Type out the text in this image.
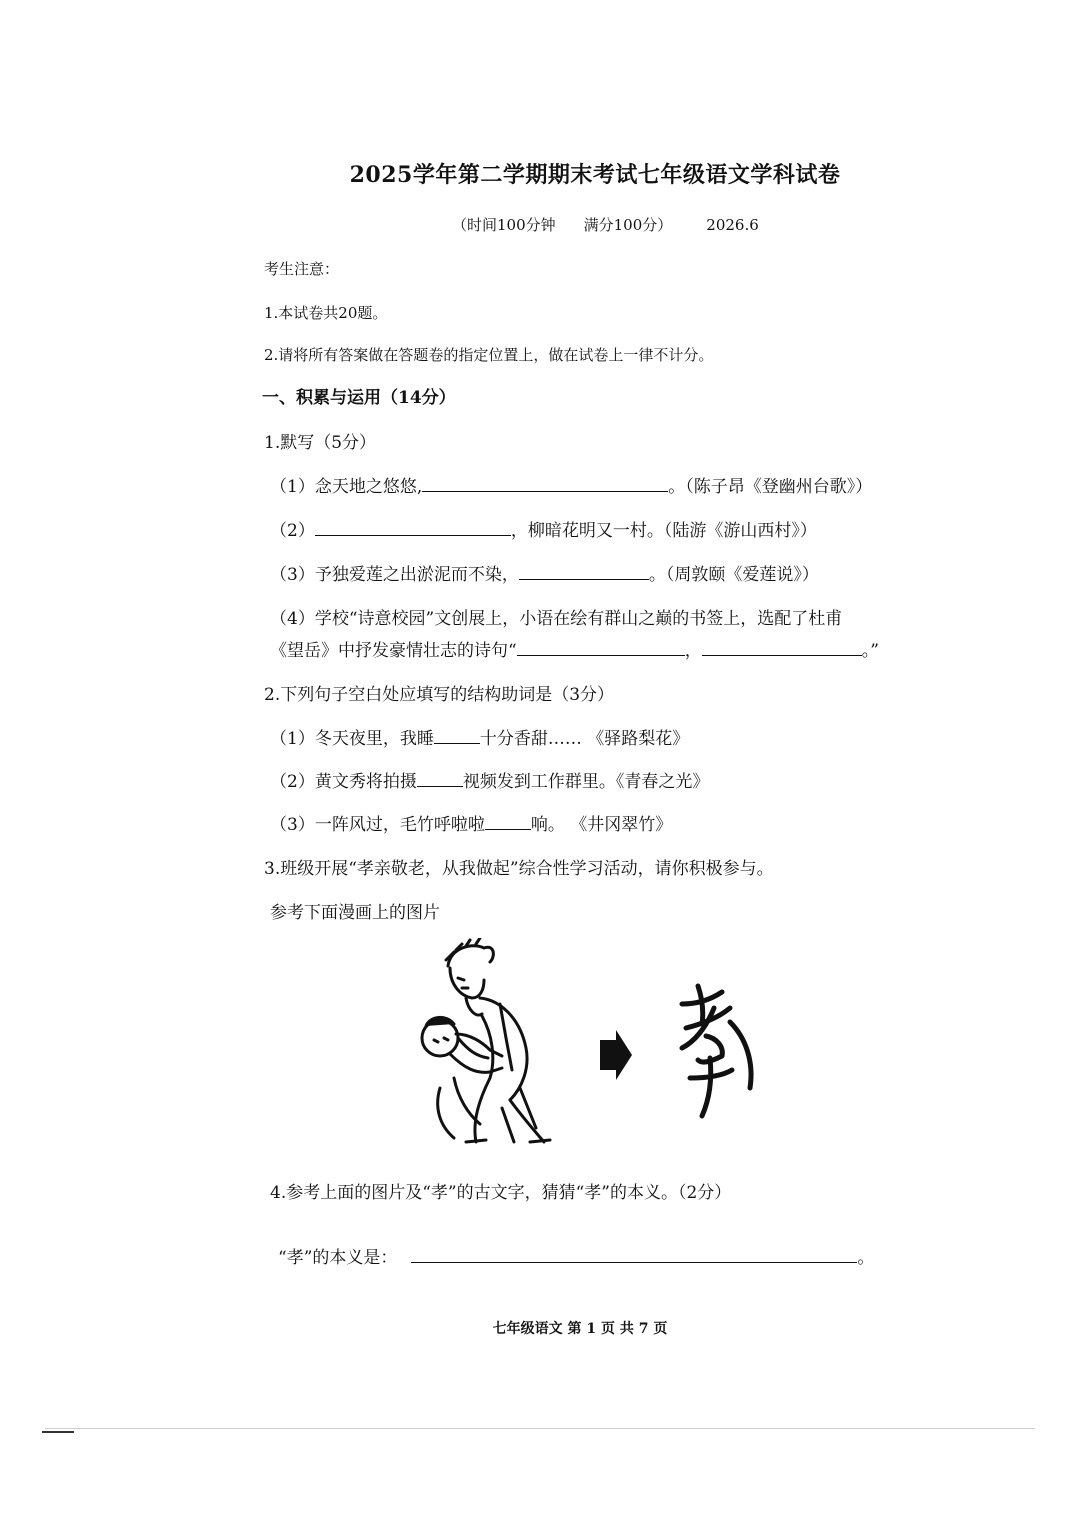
2025学年第二学期期末考试七年级语文学科试卷
（时间100分钟 满分100分） 2026.6
考生注意：
1.本试卷共20题。
2.请将所有答案做在答题卷的指定位置上，做在试卷上一律不计分。
一、积累与运用（14分）
1.默写（5分）
（1）念天地之悠悠,	。（陈子昂《登幽州台歌》）
（2）	，柳暗花明又一村。（陆游《游山西村》）
（3）予独爱莲之出淤泥而不染，	。（周敦颐《爱莲说》）
（4）学校“诗意校园”文创展上，小语在绘有群山之巅的书签上，选配了杜甫
《望岳》中抒发豪情壮志的诗句“	，	。”
2.下列句子空白处应填写的结构助词是（3分）
（1）冬天夜里，我睡	十分香甜…… 《驿路梨花》
（2）黄文秀将拍摄	视频发到工作群里。《青春之光》
（3）一阵风过，毛竹呼啦啦	响。 《井冈翠竹》
3.班级开展“孝亲敬老，从我做起”综合性学习活动，请你积极参与。
参考下面漫画上的图片
4.参考上面的图片及“孝”的古文字，猜猜“孝”的本义。（2分）
“孝”的本义是：	。
七年级语文 第 1 页 共 7 页
